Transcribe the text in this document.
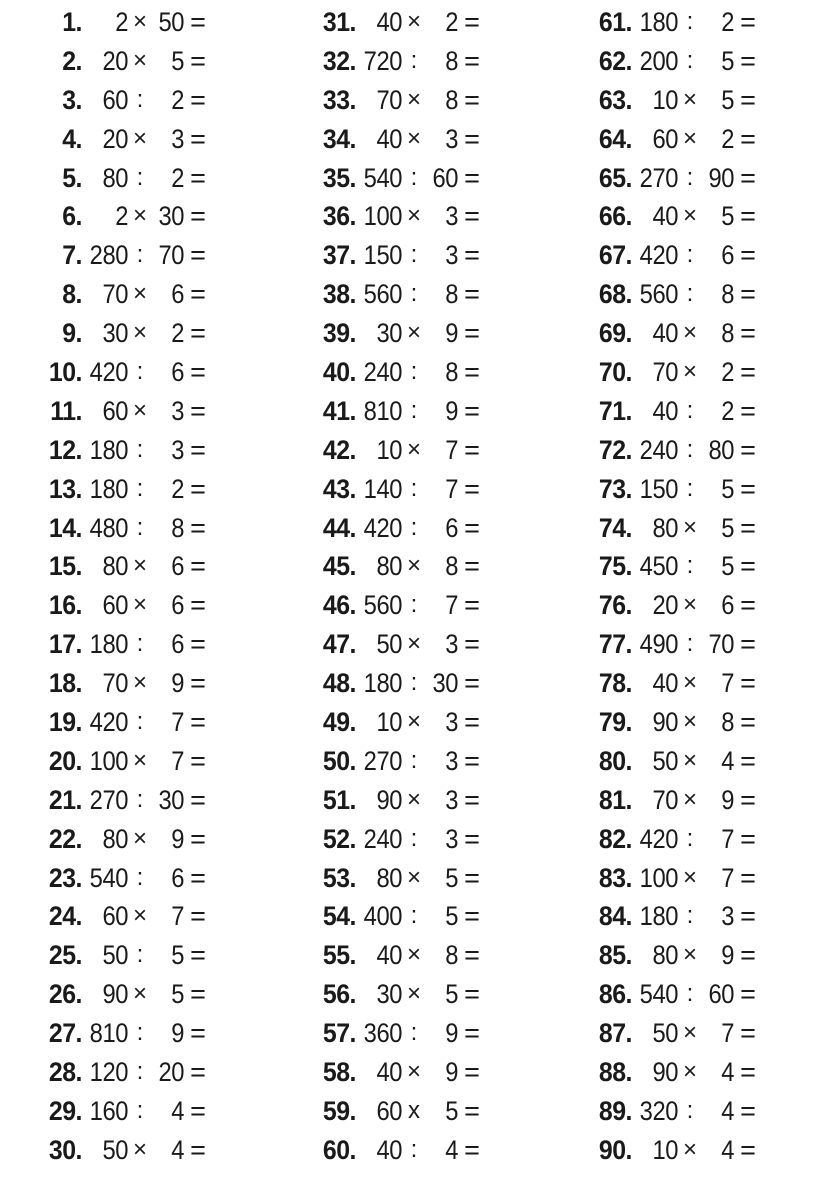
1.	2 × 50 =
2. 20 × 5 =
3. 60 :	2 =
4. 20 × 3 =
5. 80 :	2 =
6.	2 × 30 =
7. 280 : 70 =
8. 70 × 6 =
9. 30 × 2 =
10. 420 :	6 =
11. 60 × 3 =
12. 180 :	3 =
13. 180 :	2 =
14. 480 :	8 =
15. 80 × 6 =
16. 60 × 6 =
17. 180 :	6 =
18. 70 × 9 =
19. 420 :	7 =
20. 100 × 7 =
21. 270 : 30 =
22. 80 × 9 =
23. 540 :	6 =
24. 60 × 7 =
25. 50 :	5 =
26. 90 × 5 =
27. 810 :	9 =
28. 120 : 20 =
29. 160 :	4 =
30. 50 × 4 =
31. 40 × 2 =
32. 720 :	8 =
33. 70 × 8 =
34. 40 × 3 =
35. 540 : 60 =
36. 100 × 3 =
37. 150 :	3 =
38. 560 :	8 =
39. 30 × 9 =
40. 240 :	8 =
41. 810 :	9 =
42. 10 × 7 =
43. 140 :	7 =
44. 420 :	6 =
45. 80 × 8 =
46. 560 :	7 =
47. 50 × 3 =
48. 180 : 30 =
49. 10 × 3 =
50. 270 :	3 =
51. 90 × 3 =
52. 240 :	3 =
53. 80 × 5 =
54. 400 :	5 =
55. 40 × 8 =
56. 30 × 5 =
57. 360 :	9 =
58. 40 × 9 =
59. 60 x 5 =
60. 40 :	4 =
61. 180 :	2 =
62. 200 :	5 =
63. 10 × 5 =
64. 60 × 2 =
65. 270 : 90 =
66. 40 × 5 =
67. 420 :	6 =
68. 560 :	8 =
69. 40 × 8 =
70. 70 × 2 =
71. 40 :	2 =
72. 240 : 80 =
73. 150 :	5 =
74. 80 × 5 =
75. 450 :	5 =
76. 20 × 6 =
77. 490 : 70 =
78. 40 × 7 =
79. 90 × 8 =
80. 50 × 4 =
81. 70 × 9 =
82. 420 :	7 =
83. 100 × 7 =
84. 180 :	3 =
85. 80 × 9 =
86. 540 : 60 =
87. 50 × 7 =
88. 90 × 4 =
89. 320 :	4 =
90. 10 × 4 =
